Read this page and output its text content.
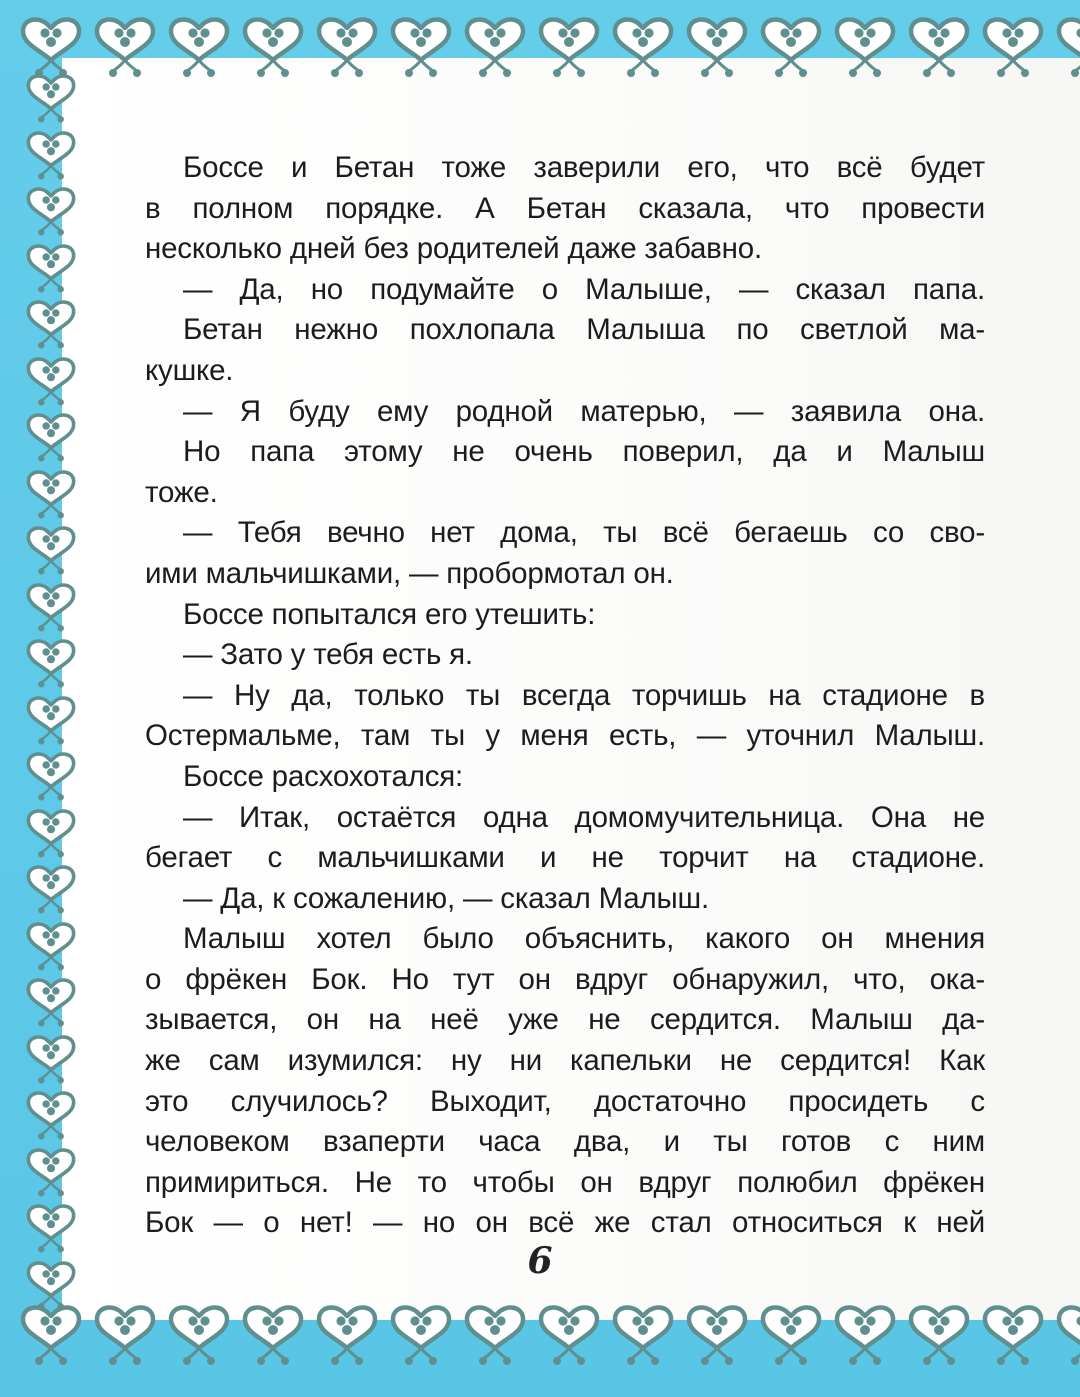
Боссе и Бетан тоже заверили его, что всё будет
в полном порядке. А Бетан сказала, что провести
несколько дней без родителей даже забавно.
— Да, но подумайте о Малыше, — сказал папа.
Бетан нежно похлопала Малыша по светлой ма-
кушке.
— Я буду ему родной матерью, — заявила она.
Но папа этому не очень поверил, да и Малыш
тоже.
— Тебя вечно нет дома, ты всё бегаешь со сво-
ими мальчишками, — пробормотал он.
Боссе попытался его утешить:
— Зато у тебя есть я.
— Ну да, только ты всегда торчишь на стадионе в
Остермальме, там ты у меня есть, — уточнил Малыш.
Боссе расхохотался:
— Итак, остаётся одна домомучительница. Она не
бегает с мальчишками и не торчит на стадионе.
— Да, к сожалению, — сказал Малыш.
Малыш хотел было объяснить, какого он мнения
о фрёкен Бок. Но тут он вдруг обнаружил, что, ока-
зывается, он на неё уже не сердится. Малыш да-
же сам изумился: ну ни капельки не сердится! Как
это случилось? Выходит, достаточно просидеть с
человеком взаперти часа два, и ты готов с ним
примириться. Не то чтобы он вдруг полюбил фрёкен
Бок — о нет! — но он всё же стал относиться к ней
6
